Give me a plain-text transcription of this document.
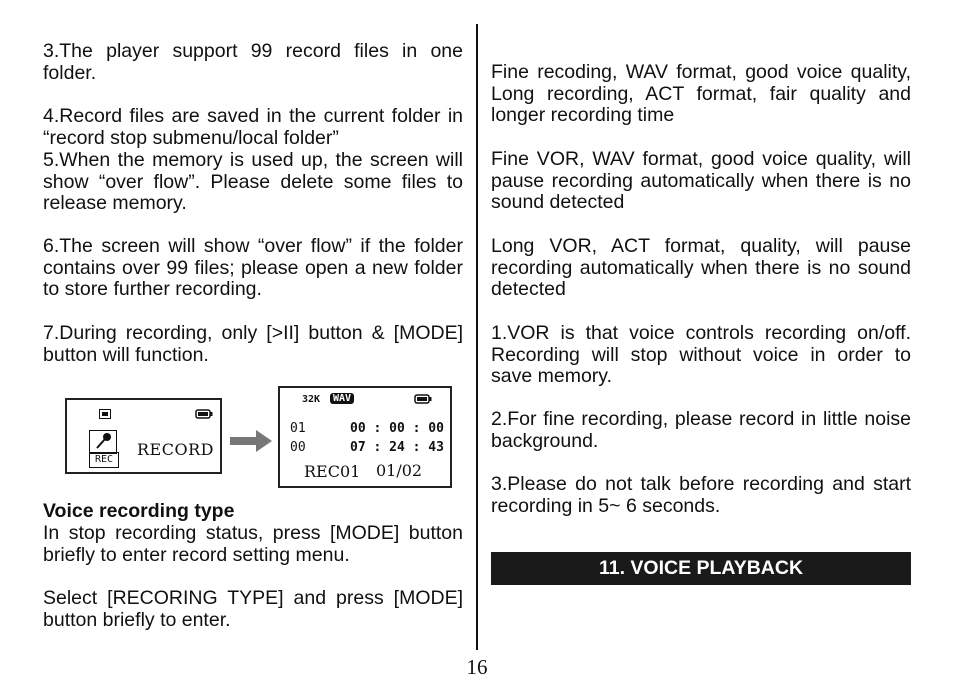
3.The player support 99 record files in one folder.

4.Record files are saved in the current folder in “record stop submenu/local folder”

5.When the memory is used up, the screen will show “over flow”. Please delete some files to release memory.

6.The screen will show “over flow” if the folder contains over 99 files; please open a new folder to store further recording.

7.During recording, only [>II] button & [MODE] button will function.

Voice recording type

In stop recording status, press [MODE] button briefly to enter record setting menu.

Select [RECORING TYPE] and press [MODE] button briefly to enter.

Fine recoding, WAV format, good voice quality, Long recording, ACT format, fair quality and longer recording time

Fine VOR, WAV format, good voice quality, will pause recording automatically when there is no sound detected

Long VOR, ACT format, quality, will pause recording automatically when there is no sound detected

1.VOR is that voice controls recording on/off. Recording will stop without voice in order to save memory.

2.For fine recording, please record in little noise background.

3.Please do not talk before recording and start recording in 5~ 6 seconds.

11. VOICE PLAYBACK
REC
RECORD
32K	WAV
01	00 : 00 : 00
00	07 : 24 : 43
REC01 01/02
16
